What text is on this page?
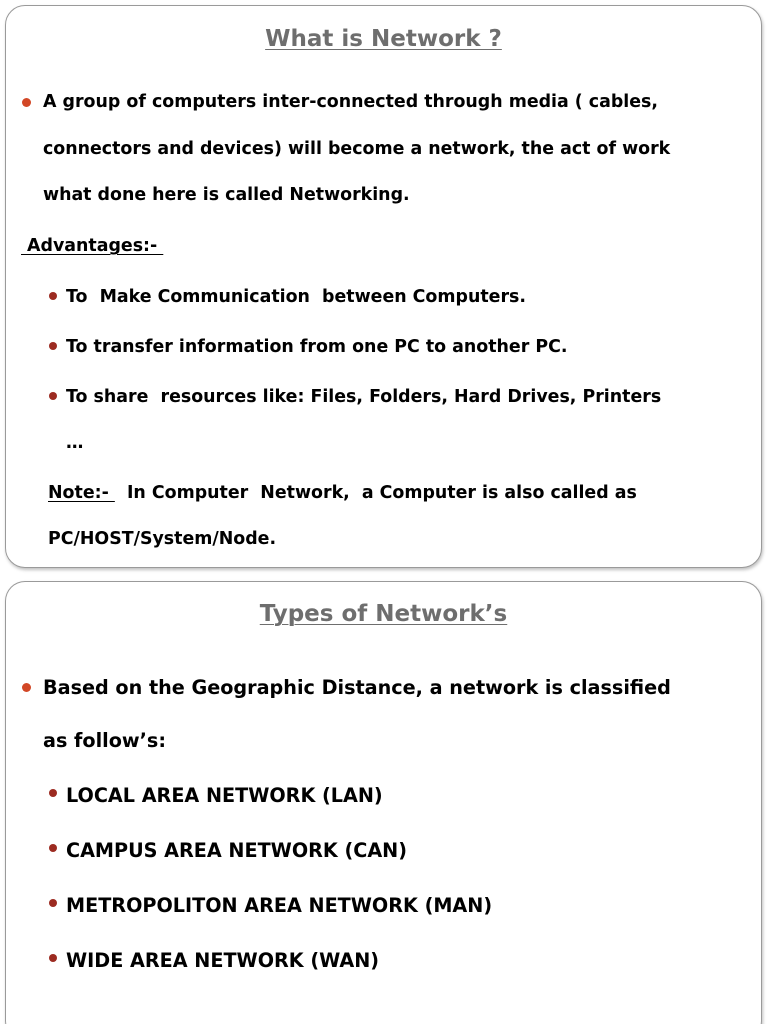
What is Network ?
A group of computers inter-connected through media ( cables,
connectors and devices) will become a network, the act of work
what done here is called Networking.
Advantages:-
To  Make Communication  between Computers.
To transfer information from one PC to another PC.
To share  resources like: Files, Folders, Hard Drives, Printers
…
Note:-   In Computer  Network,  a Computer is also called as
PC/HOST/System/Node.
Types of Network’s
Based on the Geographic Distance, a network is classified
as follow’s:
LOCAL AREA NETWORK (LAN)
CAMPUS AREA NETWORK (CAN)
METROPOLITON AREA NETWORK (MAN)
WIDE AREA NETWORK (WAN)
